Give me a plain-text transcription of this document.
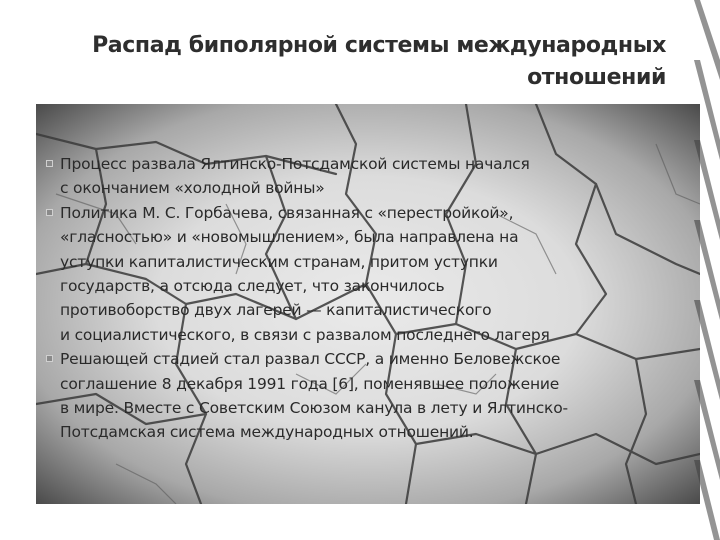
Распад биполярной системы международных
отношений
Процесс развала Ялтинско-Потсдамской системы начался
с окончанием «холодной войны»
Политика М. С. Горбачева, связанная с «перестройкой»,
«гласностью» и «новомышлением», была направлена на
уступки капиталистическим странам, притом уступки
государств, а отсюда следует, что закончилось
противоборство двух лагерей — капиталистического
и социалистического, в связи с развалом последнего лагеря
Решающей стадией стал развал СССР, а именно Беловежское
соглашение 8 декабря 1991 года [6], поменявшее положение
в мире. Вместе с Советским Союзом канула в лету и Ялтинско-
Потсдамская система международных отношений.
